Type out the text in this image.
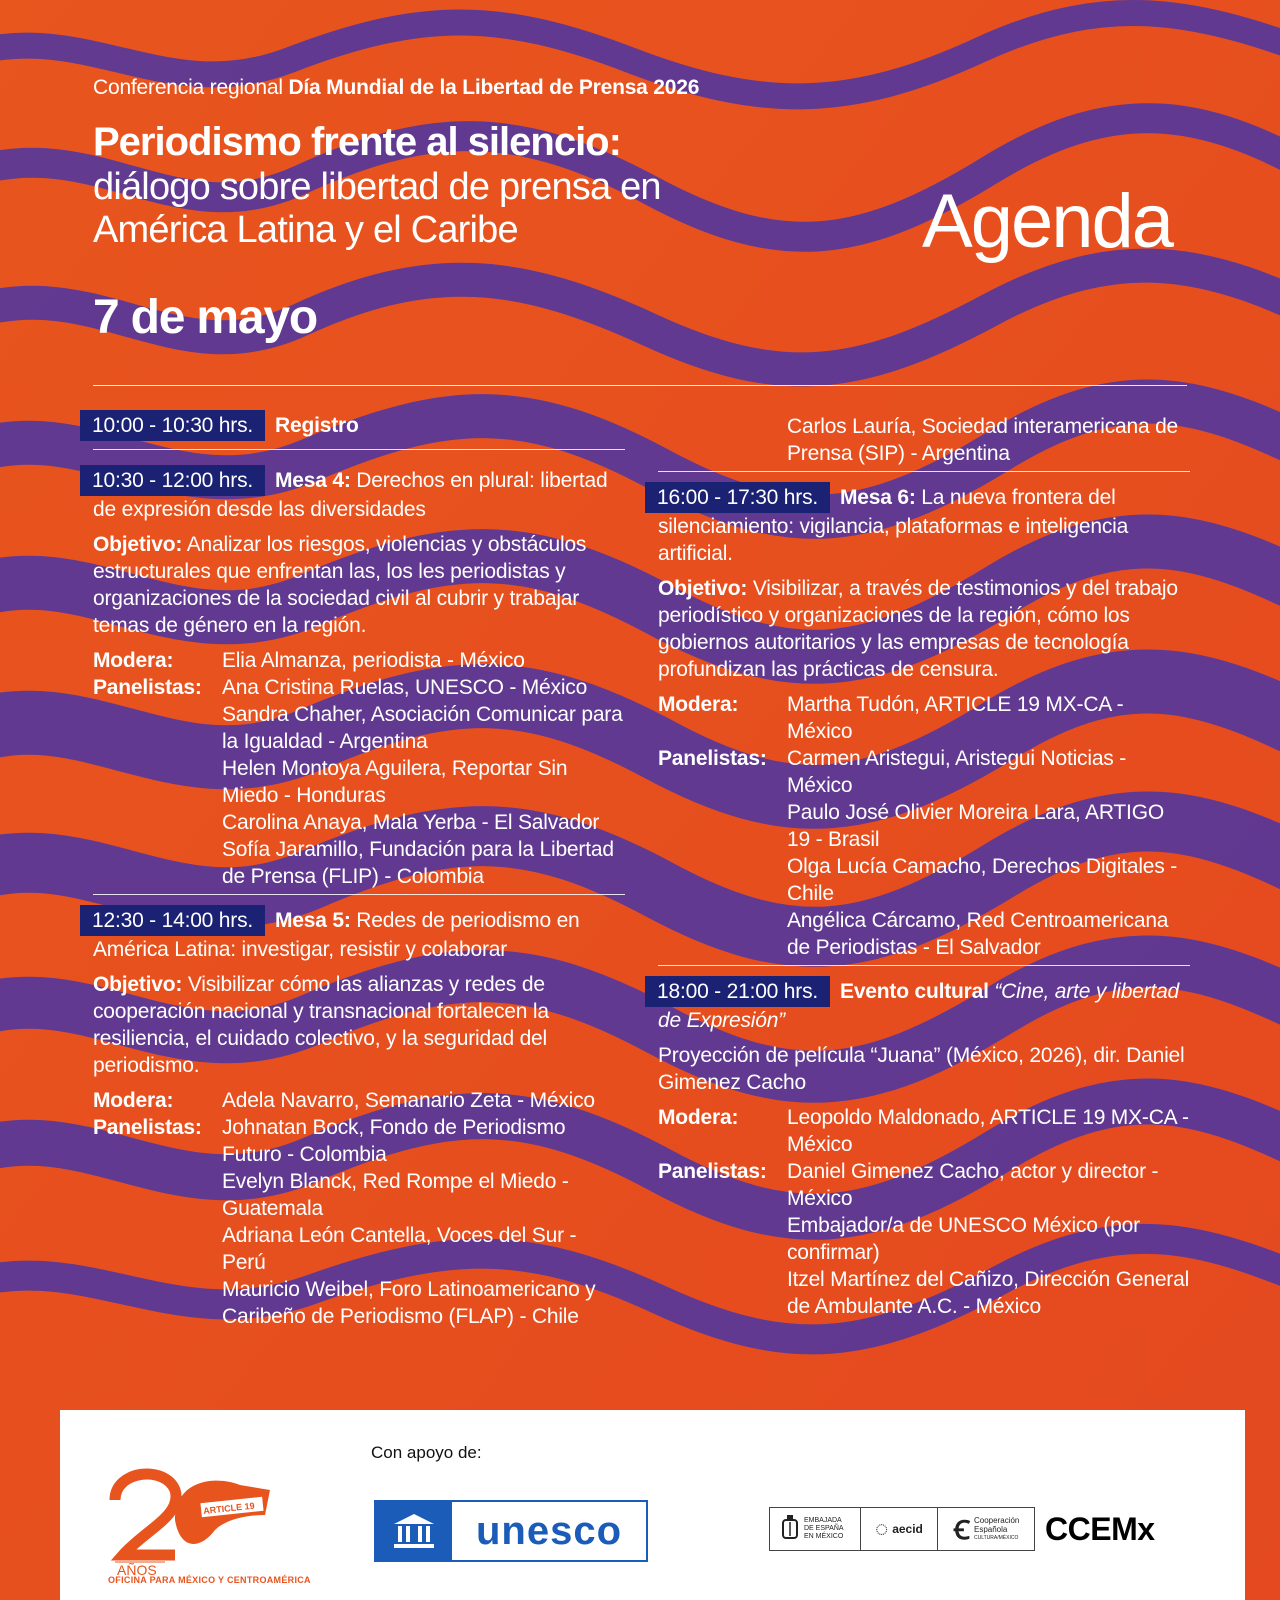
Conferencia regional Día Mundial de la Libertad de Prensa 2026
Periodismo frente al silencio:
diálogo sobre libertad de prensa en América Latina y el Caribe	Agenda
7 de mayo
10:00 - 10:30 hrs. Registro
10:30 - 12:00 hrs. Mesa 4: Derechos en plural: libertad de expresión desde las diversidades
Objetivo: Analizar los riesgos, violencias y obstáculos estructurales que enfrentan las, los les periodistas y organizaciones de la sociedad civil al cubrir y trabajar temas de género en la región.
Modera:	Elia Almanza, periodista - México
Panelistas: Ana Cristina Ruelas, UNESCO - México
Sandra Chaher, Asociación Comunicar para la Igualdad - Argentina
Helen Montoya Aguilera, Reportar Sin Miedo - Honduras
Carolina Anaya, Mala Yerba - El Salvador
Sofía Jaramillo, Fundación para la Libertad de Prensa (FLIP) - Colombia
12:30 - 14:00 hrs. Mesa 5: Redes de periodismo en América Latina: investigar, resistir y colaborar
Objetivo: Visibilizar cómo las alianzas y redes de cooperación nacional y transnacional fortalecen la resiliencia, el cuidado colectivo, y la seguridad del periodismo.
Modera:	Adela Navarro, Semanario Zeta - México
Panelistas: Johnatan Bock, Fondo de Periodismo Futuro - Colombia
Evelyn Blanck, Red Rompe el Miedo - Guatemala
Adriana León Cantella, Voces del Sur - Perú
Mauricio Weibel, Foro Latinoamericano y Caribeño de Periodismo (FLAP) - Chile
Carlos Lauría, Sociedad interamericana de Prensa (SIP) - Argentina
16:00 - 17:30 hrs. Mesa 6: La nueva frontera del silenciamiento: vigilancia, plataformas e inteligencia artificial.
Objetivo: Visibilizar, a través de testimonios y del trabajo periodístico y organizaciones de la región, cómo los gobiernos autoritarios y las empresas de tecnología profundizan las prácticas de censura.
Modera:	Martha Tudón, ARTICLE 19 MX-CA - México
Panelistas: Carmen Aristegui, Aristegui Noticias - México
Paulo José Olivier Moreira Lara, ARTIGO 19 - Brasil
Olga Lucía Camacho, Derechos Digitales - Chile
Angélica Cárcamo, Red Centroamericana de Periodistas - El Salvador
18:00 - 21:00 hrs. Evento cultural “Cine, arte y libertad de Expresión”
Proyección de película “Juana” (México, 2026), dir. Daniel Gimenez Cacho
Modera:	Leopoldo Maldonado, ARTICLE 19 MX-CA - México
Panelistas: Daniel Gimenez Cacho, actor y director - México
Embajador/a de UNESCO México (por confirmar)
Itzel Martínez del Cañizo, Dirección General de Ambulante A.C. - México
Con apoyo de:
ARTICLE 19
AÑOS
OFICINA PARA MÉXICO Y CENTROAMÉRICA
unesco	EMBAJADA DE ESPAÑA EN MÉXICO	◌ aecid Ꞓ Cooperación Española
CULTURA/MÉXICO CCEMx
